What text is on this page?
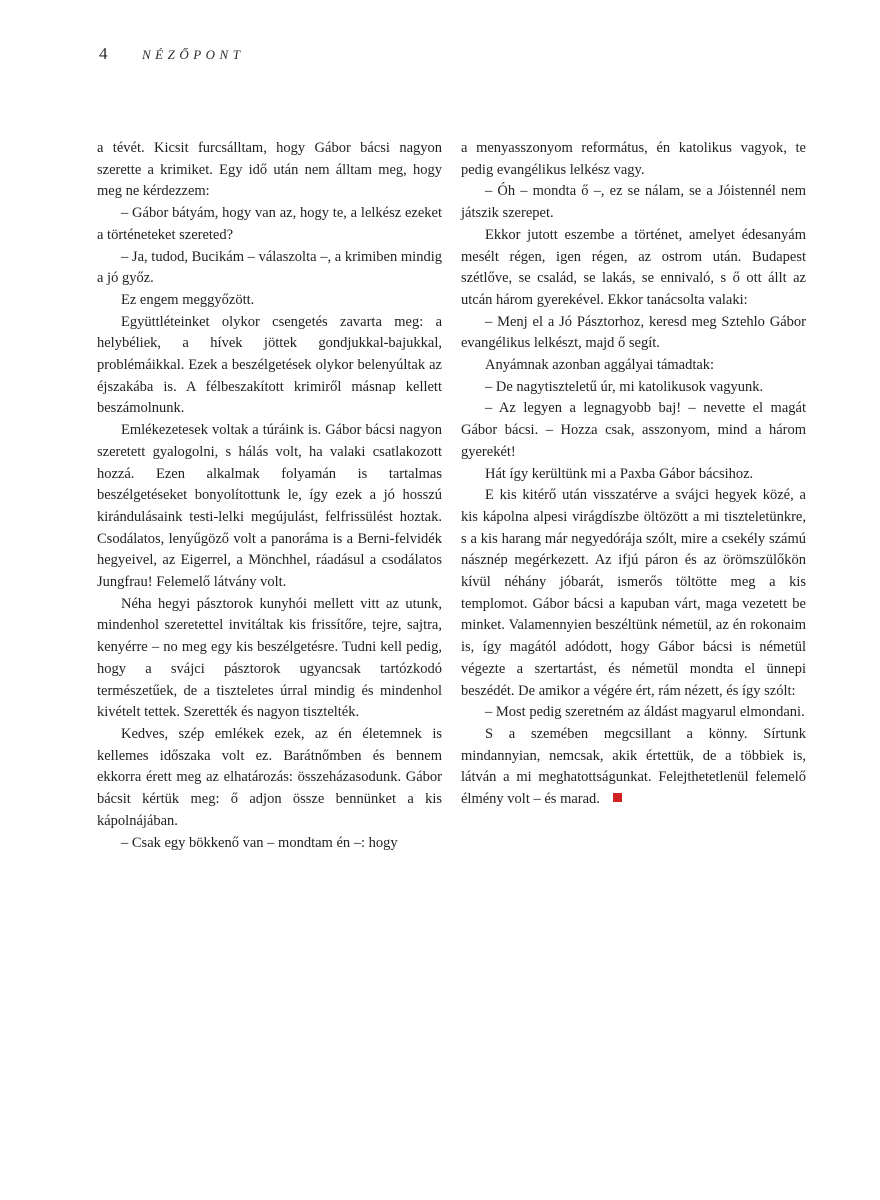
4	NÉZŐPONT

a tévét. Kicsit furcsálltam, hogy Gábor bácsi nagyon szerette a krimiket. Egy idő után nem álltam meg, hogy meg ne kérdezzem:

– Gábor bátyám, hogy van az, hogy te, a lelkész ezeket a történeteket szereted?

– Ja, tudod, Bucikám – válaszolta –, a krimiben mindig a jó győz.

Ez engem meggyőzött.

Együttléteinket olykor csengetés zavarta meg: a helybéliek, a hívek jöttek gondjukkal-bajukkal, problémáikkal. Ezek a beszélgetések olykor belenyúltak az éjszakába is. A félbeszakított krimiről másnap kellett beszámolnunk.

Emlékezetesek voltak a túráink is. Gábor bácsi nagyon szeretett gyalogolni, s hálás volt, ha valaki csatlakozott hozzá. Ezen alkalmak folyamán is tartalmas beszélgetéseket bonyolítottunk le, így ezek a jó hosszú kirándulásaink testi-lelki megújulást, felfrissülést hoztak. Csodálatos, lenyűgöző volt a panoráma is a Berni-felvidék hegyeivel, az Eigerrel, a Mönchhel, ráadásul a csodálatos Jungfrau! Felemelő látvány volt.

Néha hegyi pásztorok kunyhói mellett vitt az utunk, mindenhol szeretettel invitáltak kis frissítőre, tejre, sajtra, kenyérre – no meg egy kis beszélgetésre. Tudni kell pedig, hogy a svájci pásztorok ugyancsak tartózkodó természetűek, de a tiszteletes úrral mindig és mindenhol kivételt tettek. Szerették és nagyon tisztelték.

Kedves, szép emlékek ezek, az én életemnek is kellemes időszaka volt ez. Barátnőmben és bennem ekkorra érett meg az elhatározás: összeházasodunk. Gábor bácsit kértük meg: ő adjon össze bennünket a kis kápolnájában.

– Csak egy bökkenő van – mondtam én –: hogy

a menyasszonyom református, én katolikus vagyok, te pedig evangélikus lelkész vagy.

– Óh – mondta ő –, ez se nálam, se a Jóistennél nem játszik szerepet.

Ekkor jutott eszembe a történet, amelyet édesanyám mesélt régen, igen régen, az ostrom után. Budapest szétlőve, se család, se lakás, se ennivaló, s ő ott állt az utcán három gyerekével. Ekkor tanácsolta valaki:

– Menj el a Jó Pásztorhoz, keresd meg Sztehlo Gábor evangélikus lelkészt, majd ő segít.

Anyámnak azonban aggályai támadtak:

– De nagytiszteletű úr, mi katolikusok vagyunk.

– Az legyen a legnagyobb baj! – nevette el magát Gábor bácsi. – Hozza csak, asszonyom, mind a három gyerekét!

Hát így kerültünk mi a Paxba Gábor bácsihoz.

E kis kitérő után visszatérve a svájci hegyek közé, a kis kápolna alpesi virágdíszbe öltözött a mi tiszteletünkre, s a kis harang már negyedórája szólt, mire a csekély számú násznép megérkezett. Az ifjú páron és az örömszülőkön kívül néhány jóbarát, ismerős töltötte meg a kis templomot. Gábor bácsi a kapuban várt, maga vezetett be minket. Valamennyien beszéltünk németül, az én rokonaim is, így magától adódott, hogy Gábor bácsi is németül végezte a szertartást, és németül mondta el ünnepi beszédét. De amikor a végére ért, rám nézett, és így szólt:

– Most pedig szeretném az áldást magyarul elmondani.

S a szemében megcsillant a könny. Sírtunk mindannyian, nemcsak, akik értettük, de a többiek is, látván a mi meghatottságunkat. Felejthetetlenül felemelő élmény volt – és marad.
